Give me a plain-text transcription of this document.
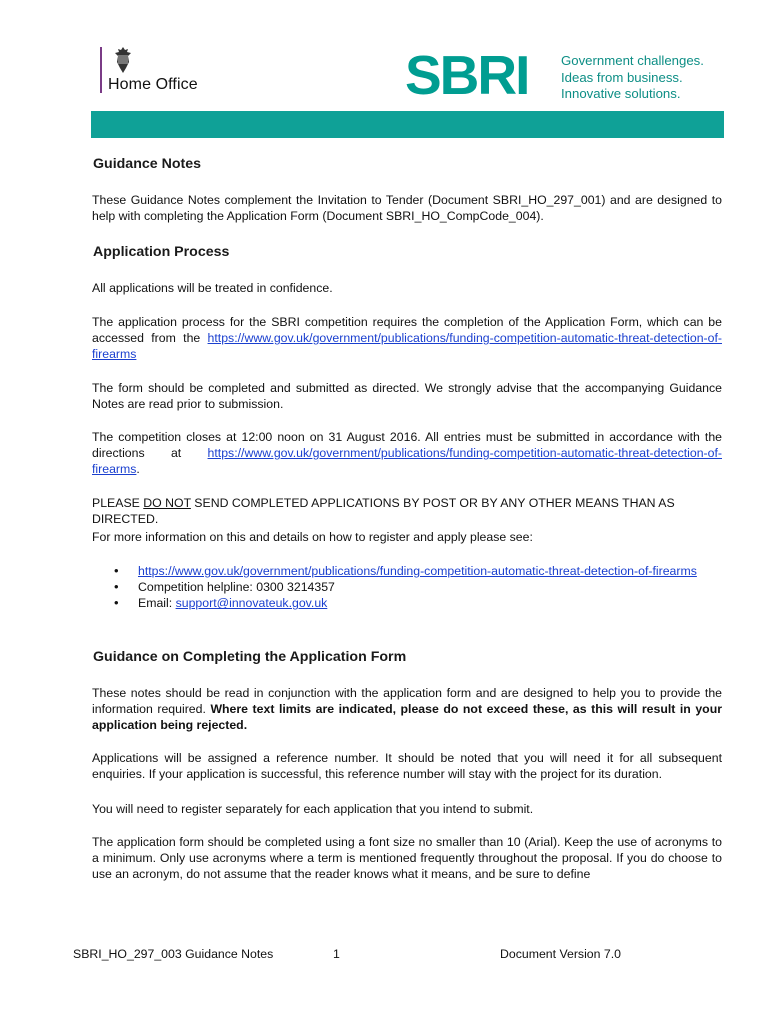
Home Office	SBRI Government challenges.
Ideas from business.
Innovative solutions.
Guidance Notes
These Guidance Notes complement the Invitation to Tender (Document SBRI_HO_297_001) and are designed to help with completing the Application Form (Document SBRI_HO_CompCode_004).
Application Process
All applications will be treated in confidence.
The application process for the SBRI competition requires the completion of the Application Form, which can be accessed from the https://www.gov.uk/government/publications/funding-competition-automatic-threat-detection-of-firearms
The form should be completed and submitted as directed. We strongly advise that the accompanying Guidance Notes are read prior to submission.
The competition closes at 12:00 noon on 31 August 2016. All entries must be submitted in accordance with the directions at https://www.gov.uk/government/publications/funding-competition-automatic-threat-detection-of-firearms.
PLEASE DO NOT SEND COMPLETED APPLICATIONS BY POST OR BY ANY OTHER MEANS THAN AS DIRECTED.
For more information on this and details on how to register and apply please see:
• https://www.gov.uk/government/publications/funding-competition-automatic-threat-detection-of-firearms
• Competition helpline: 0300 3214357
• Email: support@innovateuk.gov.uk
Guidance on Completing the Application Form
These notes should be read in conjunction with the application form and are designed to help you to provide the information required. Where text limits are indicated, please do not exceed these, as this will result in your application being rejected.
Applications will be assigned a reference number. It should be noted that you will need it for all subsequent enquiries. If your application is successful, this reference number will stay with the project for its duration.
You will need to register separately for each application that you intend to submit.
The application form should be completed using a font size no smaller than 10 (Arial). Keep the use of acronyms to a minimum. Only use acronyms where a term is mentioned frequently throughout the proposal. If you do choose to use an acronym, do not assume that the reader knows what it means, and be sure to define
SBRI_HO_297_003 Guidance Notes	1	Document Version 7.0
